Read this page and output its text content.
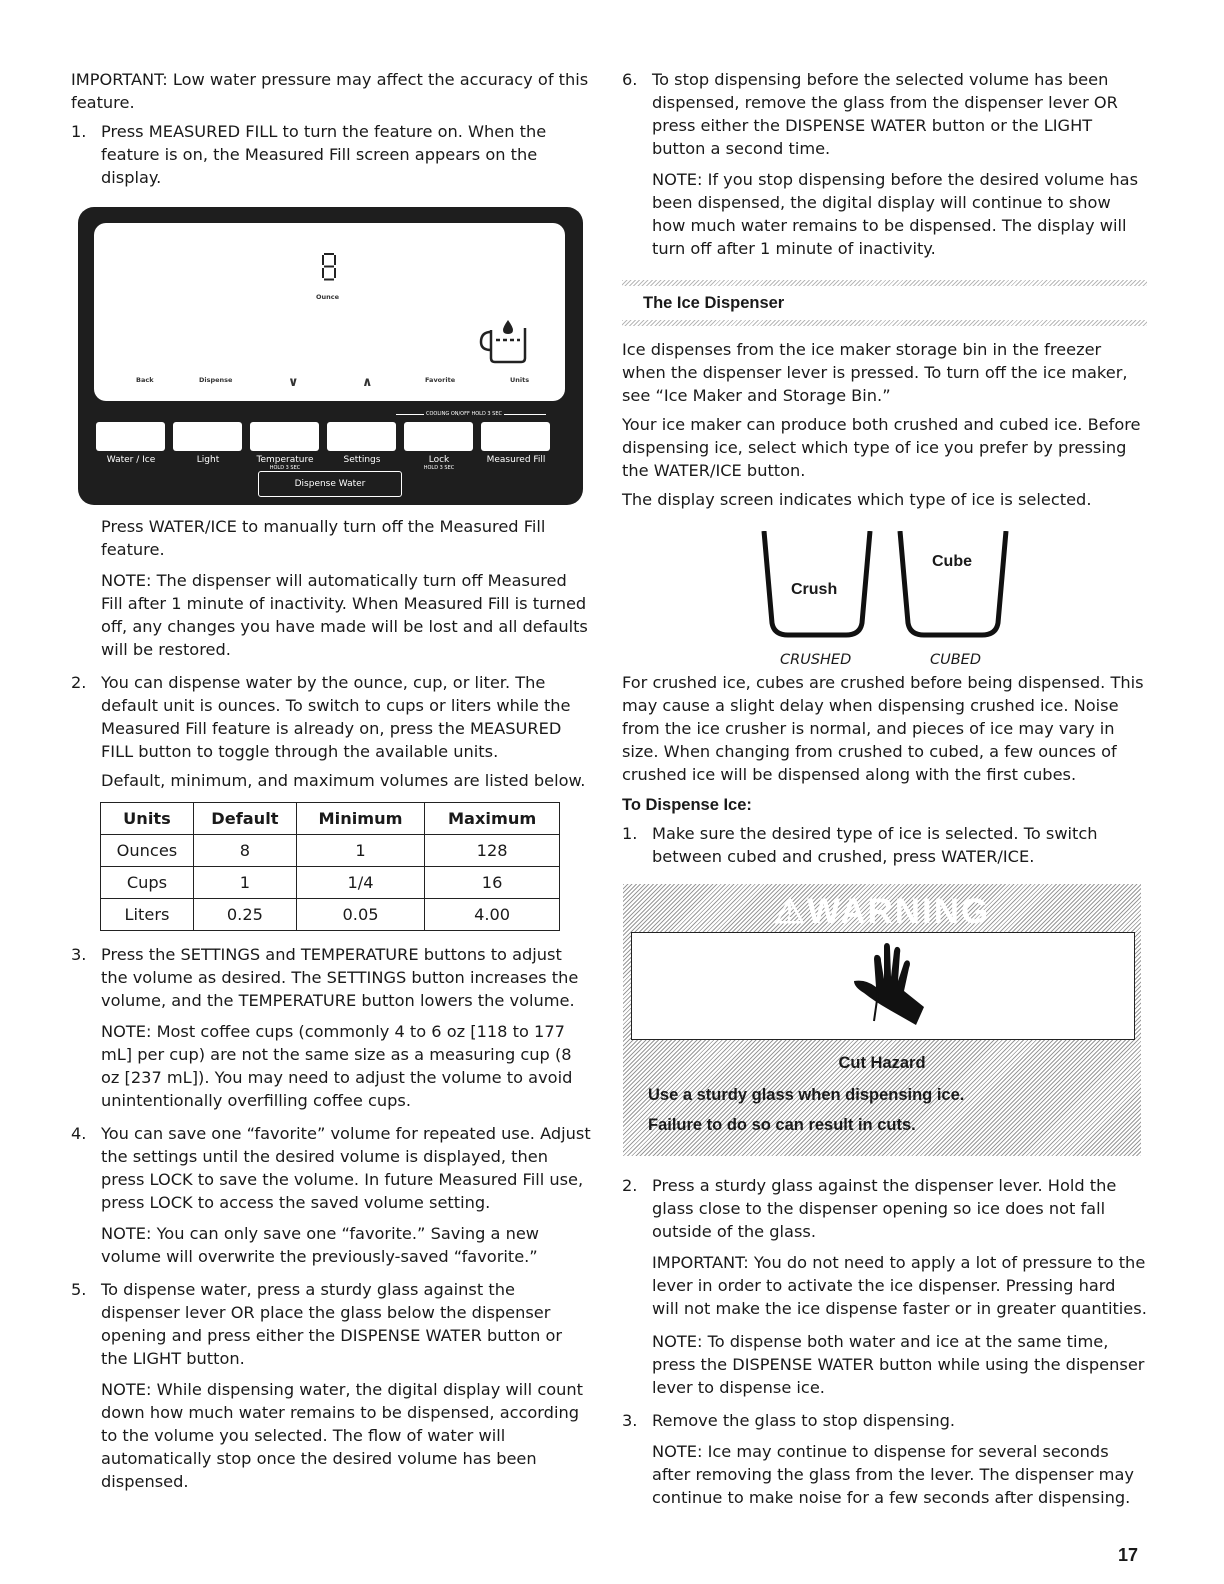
IMPORTANT: Low water pressure may affect the accuracy of this feature.

1. Press MEASURED FILL to turn the feature on. When the feature is on, the Measured Fill screen appears on the display.

Ounce
Back	Dispense	∨	∧	Favorite	Units
COOLING ON/OFF HOLD 3 SEC
Water / Ice	Light	Temperature
HOLD 3 SEC
Settings	Lock
HOLD 3 SEC
Measured Fill
Dispense Water

Press WATER/ICE to manually turn off the Measured Fill feature.

NOTE: The dispenser will automatically turn off Measured Fill after 1 minute of inactivity. When Measured Fill is turned off, any changes you have made will be lost and all defaults will be restored.

2. You can dispense water by the ounce, cup, or liter. The default unit is ounces. To switch to cups or liters while the Measured Fill feature is already on, press the MEASURED FILL button to toggle through the available units.

Default, minimum, and maximum volumes are listed below.

Units	Default	Minimum	Maximum
Ounces	8	1	128
Cups	1	1/4	16
Liters	0.25	0.05	4.00
3. Press the SETTINGS and TEMPERATURE buttons to adjust the volume as desired. The SETTINGS button increases the volume, and the TEMPERATURE button lowers the volume.

NOTE: Most coffee cups (commonly 4 to 6 oz [118 to 177 mL] per cup) are not the same size as a measuring cup (8 oz [237 mL]). You may need to adjust the volume to avoid unintentionally overfilling coffee cups.

4. You can save one “favorite” volume for repeated use. Adjust the settings until the desired volume is displayed, then press LOCK to save the volume. In future Measured Fill use, press LOCK to access the saved volume setting.

NOTE: You can only save one “favorite.” Saving a new volume will overwrite the previously-saved “favorite.”

5. To dispense water, press a sturdy glass against the dispenser lever OR place the glass below the dispenser opening and press either the DISPENSE WATER button or the LIGHT button.

NOTE: While dispensing water, the digital display will count down how much water remains to be dispensed, according to the volume you selected. The flow of water will automatically stop once the desired volume has been dispensed.

6. To stop dispensing before the selected volume has been dispensed, remove the glass from the dispenser lever OR press either the DISPENSE WATER button or the LIGHT button a second time.

NOTE: If you stop dispensing before the desired volume has been dispensed, the digital display will continue to show how much water remains to be dispensed. The display will turn off after 1 minute of inactivity.

The Ice Dispenser

Ice dispenses from the ice maker storage bin in the freezer when the dispenser lever is pressed. To turn off the ice maker, see “Ice Maker and Storage Bin.”

Your ice maker can produce both crushed and cubed ice. Before dispensing ice, select which type of ice you prefer by pressing the WATER/ICE button.

The display screen indicates which type of ice is selected.

Crush
Cube
CRUSHED	CUBED

For crushed ice, cubes are crushed before being dispensed. This may cause a slight delay when dispensing crushed ice. Noise from the ice crusher is normal, and pieces of ice may vary in size. When changing from crushed to cubed, a few ounces of crushed ice will be dispensed along with the first cubes.

To Dispense Ice:
1. Make sure the desired type of ice is selected. To switch between cubed and crushed, press WATER/ICE.

⚠WARNING
Cut Hazard
Use a sturdy glass when dispensing ice.
Failure to do so can result in cuts.
2. Press a sturdy glass against the dispenser lever. Hold the glass close to the dispenser opening so ice does not fall outside of the glass.

IMPORTANT: You do not need to apply a lot of pressure to the lever in order to activate the ice dispenser. Pressing hard will not make the ice dispense faster or in greater quantities.

NOTE: To dispense both water and ice at the same time, press the DISPENSE WATER button while using the dispenser lever to dispense ice.

3. Remove the glass to stop dispensing.

NOTE: Ice may continue to dispense for several seconds after removing the glass from the lever. The dispenser may continue to make noise for a few seconds after dispensing.

17
